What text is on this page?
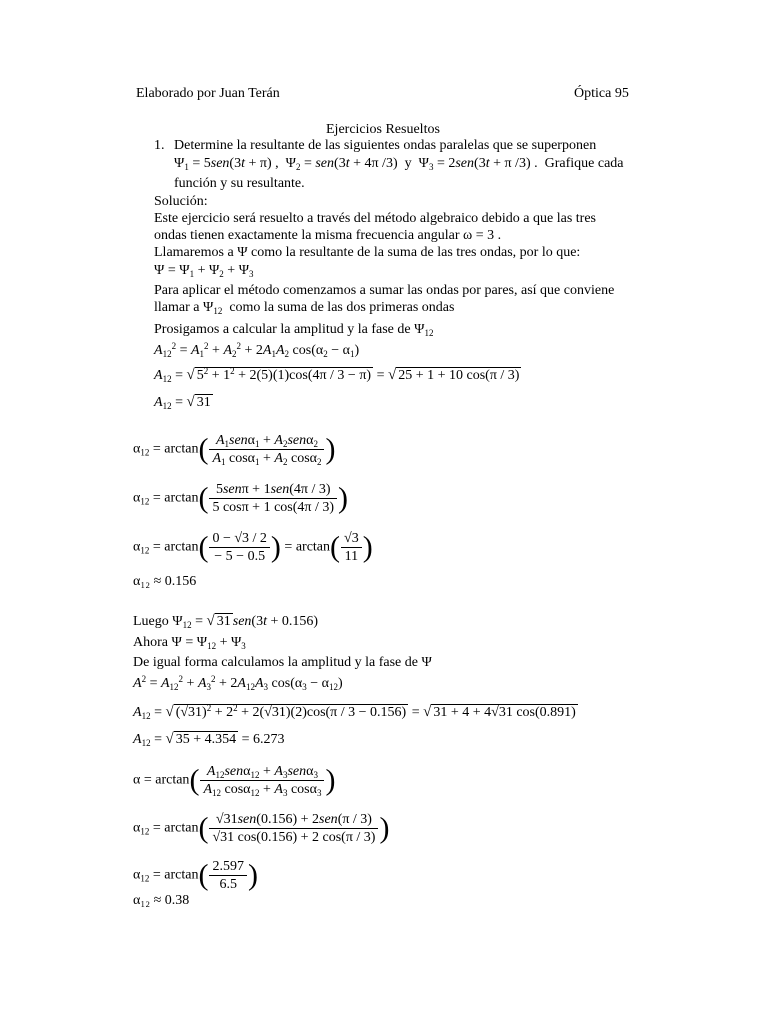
Elaborado por Juan Terán	Óptica 95
Ejercicios Resueltos
1. Determine la resultante de las siguientes ondas paralelas que se superponen
$\Psi_1 = 5sen(3t + \pi)$ ,  $\Psi_2 = sen(3t + 4\pi$ /3)  y  $\Psi_3 = 2sen(3t + \pi$ /3) .  Grafique cada
función y su resultante.
Solución:
Este ejercicio será resuelto a través del método algebraico debido a que las tres
ondas tienen exactamente la misma frecuencia angular ω = 3 .
Llamaremos a Ψ como la resultante de la suma de las tres ondas, por lo que:
$\Psi = \Psi_1 + \Psi_2 + \Psi_3$
Para aplicar el método comenzamos a sumar las ondas por pares, así que conviene
llamar a $\Psi_{12}$ como la suma de las dos primeras ondas
Prosigamos a calcular la amplitud y la fase de $\Psi_{12}$
$A_{12}^2 = A_1^2 + A_2^2 + 2A_1A_2$ $\cos(\alpha_2 - \alpha_1)$
$A_{12}$ = √ $5^2 + 1^2 + 2(5)(1)\cos(4\pi / 3 - \pi)$ = √ 25 + 1 + 10 cos(π / 3)
$A_{12}$ = √ 31
$\alpha_{12} = \arctan( \frac{A_1sen\alpha_1 + A_2sen\alpha_2}{A_1 \cos\alpha_1 + A_2 \cos\alpha_2}$ )
$\alpha_{12} = \arctan( \frac{\text{5senπ + 1sen(4π / 3)}}{5 \cos\pi + 1 \cos(4\pi / 3)}$ )
$\alpha_{12} = \arctan( \frac{0 - √3 / 2}{- 5 - 0.5}$ ) = $\arctan( \frac{√3}{11}$ )
α₁₂ ≈ 0.156
Luego $\Psi_{12}$ = √ 31 sen(3t + 0.156)
Ahora $\Psi = \Psi_{12} + \Psi_3$
De igual forma calculamos la amplitud y la fase de Ψ
$A^2 = A_{12}^2 + A_3^2 + 2A_{12}A_3$ $\cos(\alpha_3 - \alpha_{12})$
$A_{12}$ = √ $(√31)^2 + 2^2 + 2(√31)(2)\cos(\pi / 3 - 0.156)$ = √ 31 + 4 + 4√31 cos(0.891)
$A_{12}$ = √ 35 + 4.354 = 6.273
$\alpha = \arctan( \frac{A_{12}sen\alpha_{12} + A_3sen\alpha_3}{A_{12} \cos\alpha_{12} + A_3 \cos\alpha_3}$ )
$\alpha_{12} = \arctan( \frac{\text{√31sen(0.156) + 2sen(π / 3)}}{√31 \cos(0.156) + 2 \cos(\pi / 3)}$ )
$\alpha_{12} = \arctan( \frac{2.597}{6.5}$ )
α₁₂ ≈ 0.38
